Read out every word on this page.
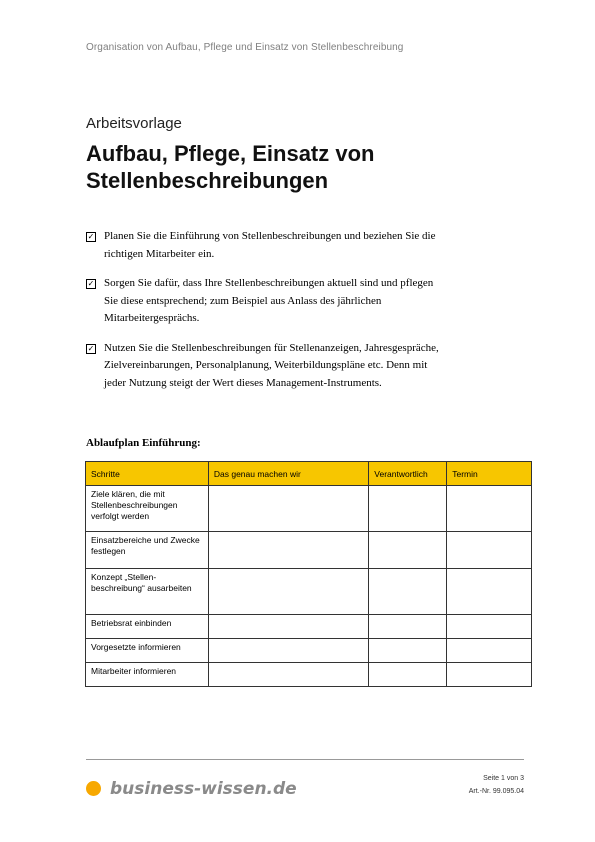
Organisation von Aufbau, Pflege und Einsatz von Stellenbeschreibung
Arbeitsvorlage
Aufbau, Pflege, Einsatz von Stellenbeschreibungen
✓ Planen Sie die Einführung von Stellenbeschreibungen und beziehen Sie die richtigen Mitarbeiter ein.
✓ Sorgen Sie dafür, dass Ihre Stellenbeschreibungen aktuell sind und pflegen Sie diese entsprechend; zum Beispiel aus Anlass des jährlichen Mitarbeitergesprächs.
✓ Nutzen Sie die Stellenbeschreibungen für Stellenanzeigen, Jahresgespräche, Zielvereinbarungen, Personalplanung, Weiterbildungspläne etc. Denn mit jeder Nutzung steigt der Wert dieses Management-Instruments.
Ablaufplan Einführung:
Schritte	Das genau machen wir	Verantwortlich	Termin
Ziele klären, die mit Stellenbeschreibungen verfolgt werden			
Einsatzbereiche und Zwecke festlegen			
Konzept „Stellen-beschreibung“ ausarbeiten			
Betriebsrat einbinden			
Vorgesetzte informieren			
Mitarbeiter informieren			
business-wissen.de
Seite 1 von 3
Art.-Nr. 99.095.04
